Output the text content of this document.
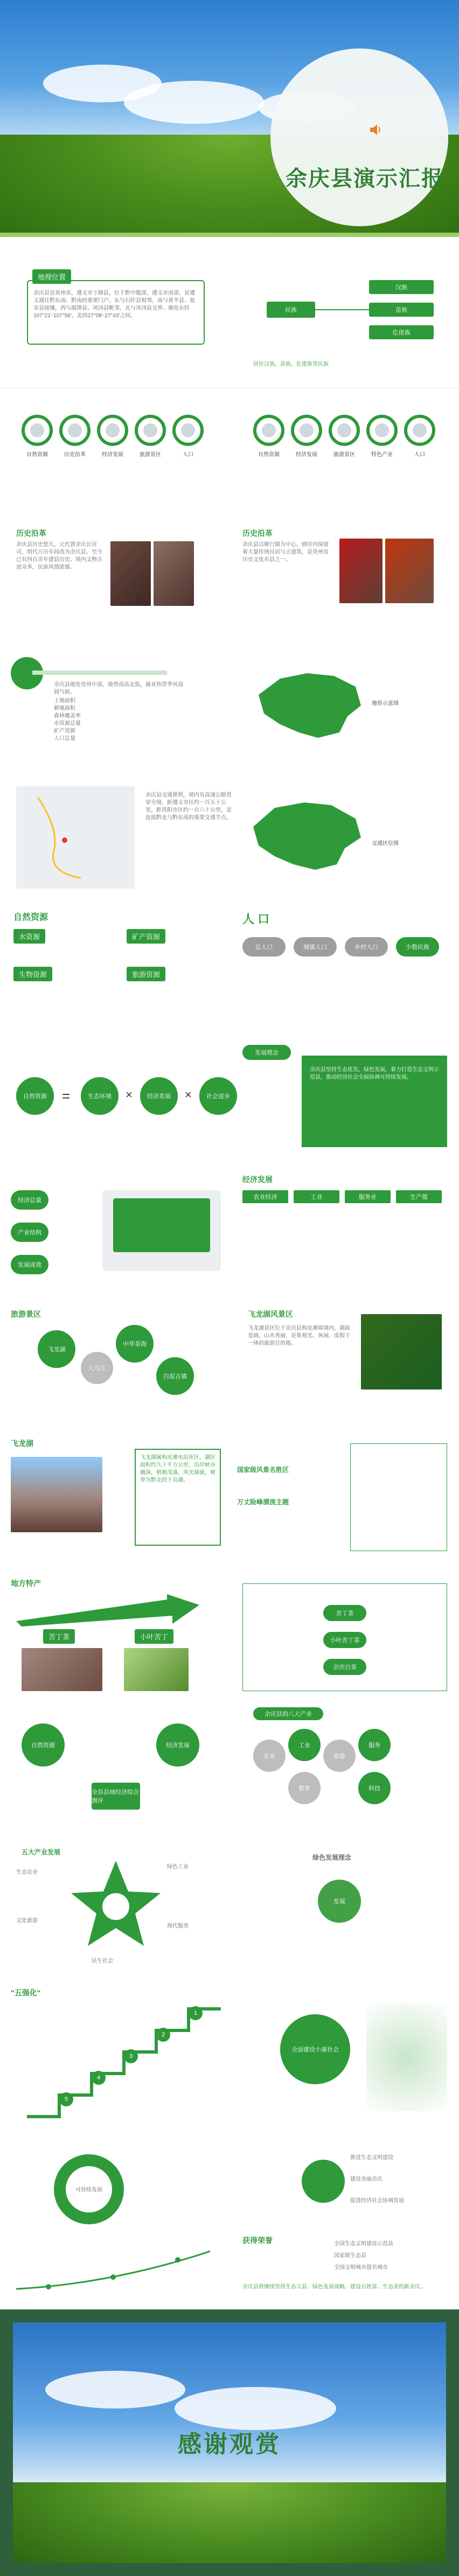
余庆县演示汇报
地理位置
余庆县是贵州省，遵义市下辖县，位于黔中腹部，遵义市南部，是遵义通往黔东南、黔南的重要门户。东与石阡县相邻，南与黄平县、瓮安县接壤，西与湄潭县、凤冈县毗邻，北与凤冈县交界。地处东经107°21′-107°56′，北纬27°08′-27°43′之间。
民族
汉族
苗族
仡佬族
居住汉族，苗族，仡佬族等民族
自然资源	历史沿革	经济发展	旅游景区	人口	自然资源	经济发展	旅游景区	特色产业	人口
历史沿革
余庆县历史悠久，元代置余庆长官司，明代万历年间改为余庆县，至今已有四百余年建县历史。境内文物古迹众多，民族风情浓郁。
历史沿革
余庆县以敏行镇为中心，辖区内保留着大量传统民居与古建筑，是贵州省历史文化名县之一。
余庆县地处贵州中部，地势南高北低，属亚热带季风湿润气候。
土地面积
耕地面积
森林覆盖率
水资源总量
矿产资源
人口总量
地形示意图
余庆县交通便利，境内有高速公路贯穿全境，距遵义市区约一百五十公里，距贵阳市区约一百六十公里，是连接黔北与黔东南的重要交通节点。
交通区位图
自然资源
水资源	矿产资源
生物资源	旅游资源
人 口
总人口	城镇人口	乡村人口	少数民族
自然资源	=	生态环境	×	经济发展	×	社会进步
发展理念
余庆县坚持生态优先、绿色发展，着力打造生态文明示范县，推动经济社会全面协调可持续发展。
经济总量
产业结构
发展成效
经济发展
农业经济	工业	服务业	生产值
旅游景区
飞龙湖
大乌江
中华茶海
白泥古镇
飞龙湖风景区
飞龙湖景区位于余庆县构皮滩镇境内，湖面宽阔，山水秀丽，是集观光、休闲、度假于一体的旅游目的地。
飞龙湖
飞龙湖属构皮滩电站库区，湖区面积约九十平方公里，沿岸峡谷幽深，植被茂盛，风光旖旎，被誉为黔北的千岛湖。
国家级风景名胜区
万丈险峰漂流主题
地方特产
苦丁茶	小叶苦丁
苦丁茶
小叶苦丁茶
余庆白茶
自然资源	经济发展
全县县域经济综合测评
余庆县的八大产业
农业
工业
旅游
服务
教育	科技
五大产业发展
生态农业
绿色工业
文化旅游
现代服务
民生社会
发展
绿色发展理念
"五强化"
1
2
3
4
5
全面建设小康社会
可持续发展
推进生态文明建设
建设美丽余庆
促进经济社会协调发展
获得荣誉	全国生态文明建设示范县
国家级生态县
全国文明城市提名城市
余庆县将继续坚持生态立县、绿色发展战略，建设百姓富、生态美的新余庆。
感谢观赏
